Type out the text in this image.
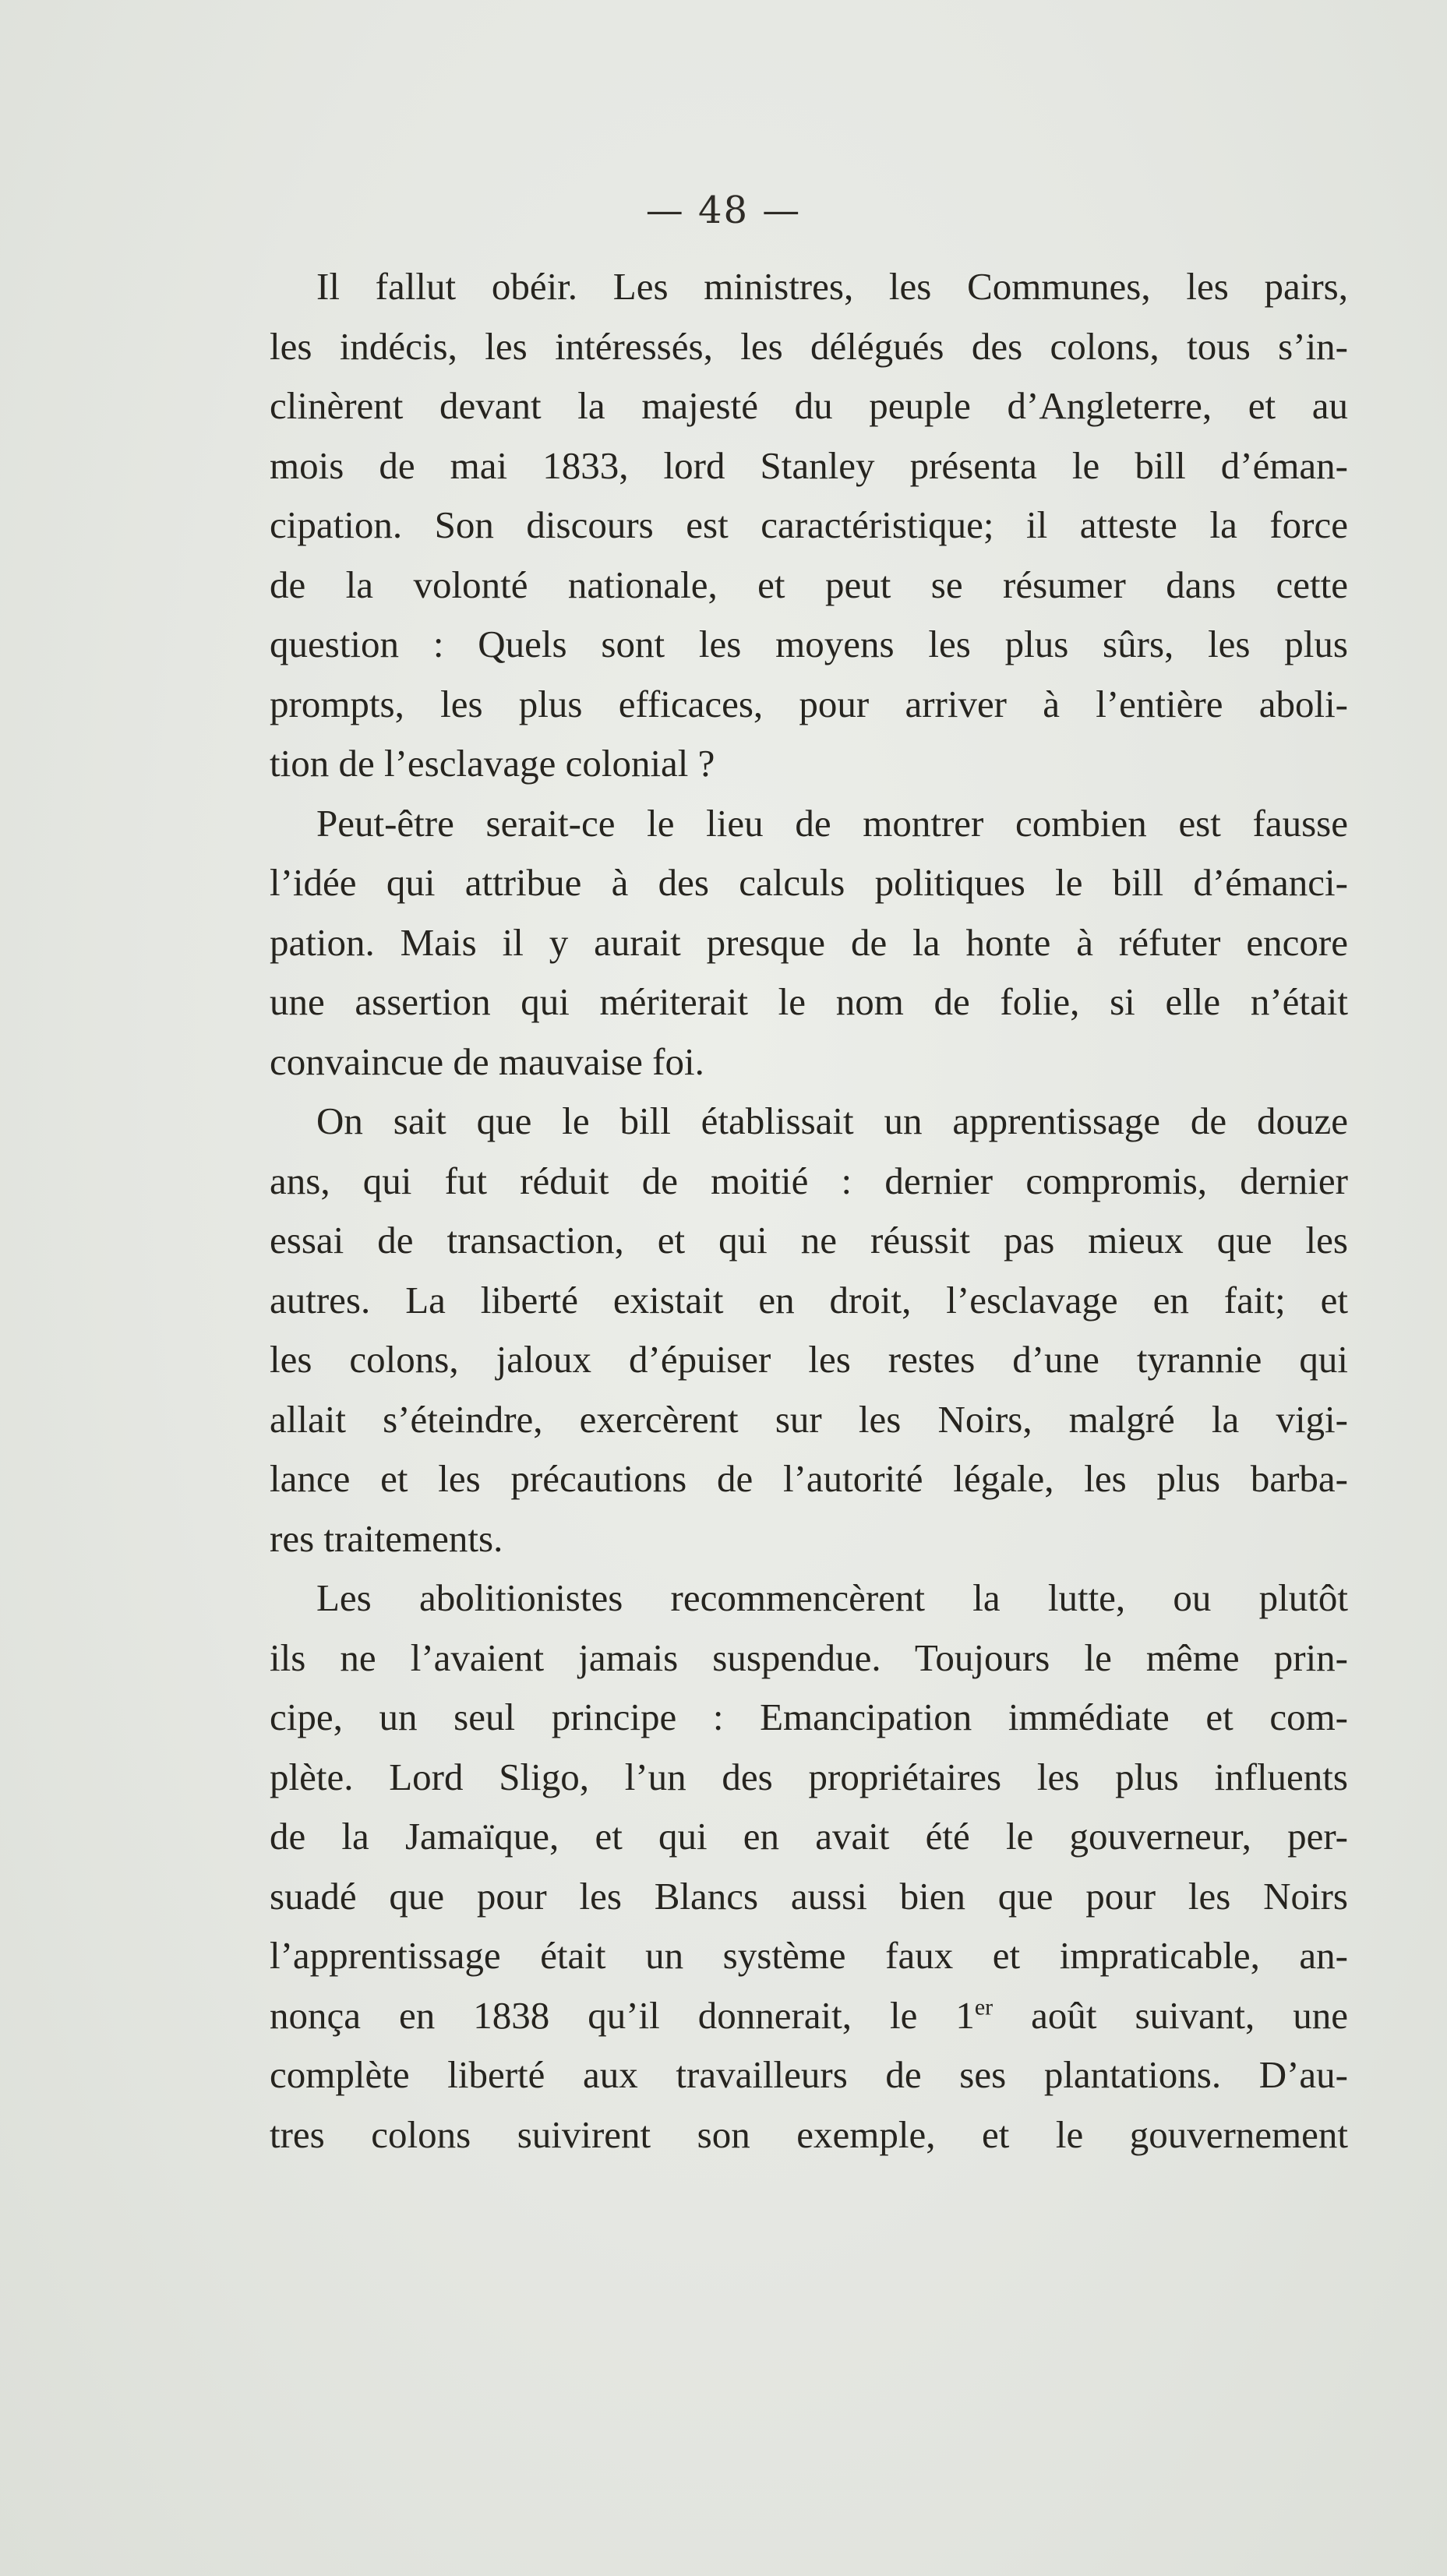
— 48 —
Il fallut obéir. Les ministres, les Communes, les pairs,
les indécis, les intéressés, les délégués des colons, tous s’in-
clinèrent devant la majesté du peuple d’Angleterre, et au
mois de mai 1833, lord Stanley présenta le bill d’éman-
cipation. Son discours est caractéristique; il atteste la force
de la volonté nationale, et peut se résumer dans cette
question : Quels sont les moyens les plus sûrs, les plus
prompts, les plus efficaces, pour arriver à l’entière aboli-
tion de l’esclavage colonial ?
Peut-être serait-ce le lieu de montrer combien est fausse
l’idée qui attribue à des calculs politiques le bill d’émanci-
pation. Mais il y aurait presque de la honte à réfuter encore
une assertion qui mériterait le nom de folie, si elle n’était
convaincue de mauvaise foi.
On sait que le bill établissait un apprentissage de douze
ans, qui fut réduit de moitié : dernier compromis, dernier
essai de transaction, et qui ne réussit pas mieux que les
autres. La liberté existait en droit, l’esclavage en fait; et
les colons, jaloux d’épuiser les restes d’une tyrannie qui
allait s’éteindre, exercèrent sur les Noirs, malgré la vigi-
lance et les précautions de l’autorité légale, les plus barba-
res traitements.
Les abolitionistes recommencèrent la lutte, ou plutôt
ils ne l’avaient jamais suspendue. Toujours le même prin-
cipe, un seul principe : Emancipation immédiate et com-
plète. Lord Sligo, l’un des propriétaires les plus influents
de la Jamaïque, et qui en avait été le gouverneur, per-
suadé que pour les Blancs aussi bien que pour les Noirs
l’apprentissage était un système faux et impraticable, an-
nonça en 1838 qu’il donnerait, le 1er août suivant, une
complète liberté aux travailleurs de ses plantations. D’au-
tres colons suivirent son exemple, et le gouvernement
